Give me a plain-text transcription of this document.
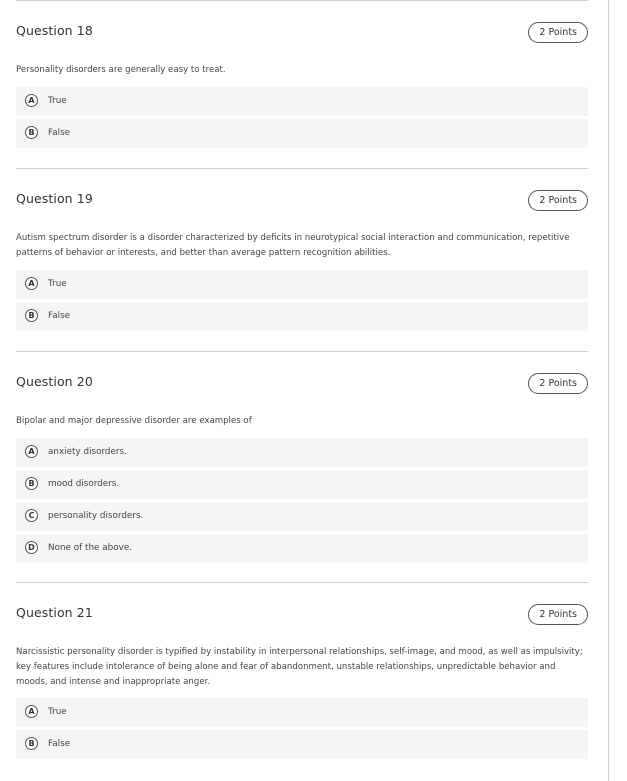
Question 18	2 Points

Personality disorders are generally easy to treat.

A	True
B	False
Question 19	2 Points

Autism spectrum disorder is a disorder characterized by deficits in neurotypical social interaction and communication, repetitive patterns of behavior or interests, and better than average pattern recognition abilities.

A	True
B	False
Question 20	2 Points

Bipolar and major depressive disorder are examples of

A	anxiety disorders.
B	mood disorders.
C	personality disorders.
D	None of the above.
Question 21	2 Points

Narcissistic personality disorder is typified by instability in interpersonal relationships, self-image, and mood, as well as impulsivity; key features include intolerance of being alone and fear of abandonment, unstable relationships, unpredictable behavior and moods, and intense and inappropriate anger.

A	True
B	False
